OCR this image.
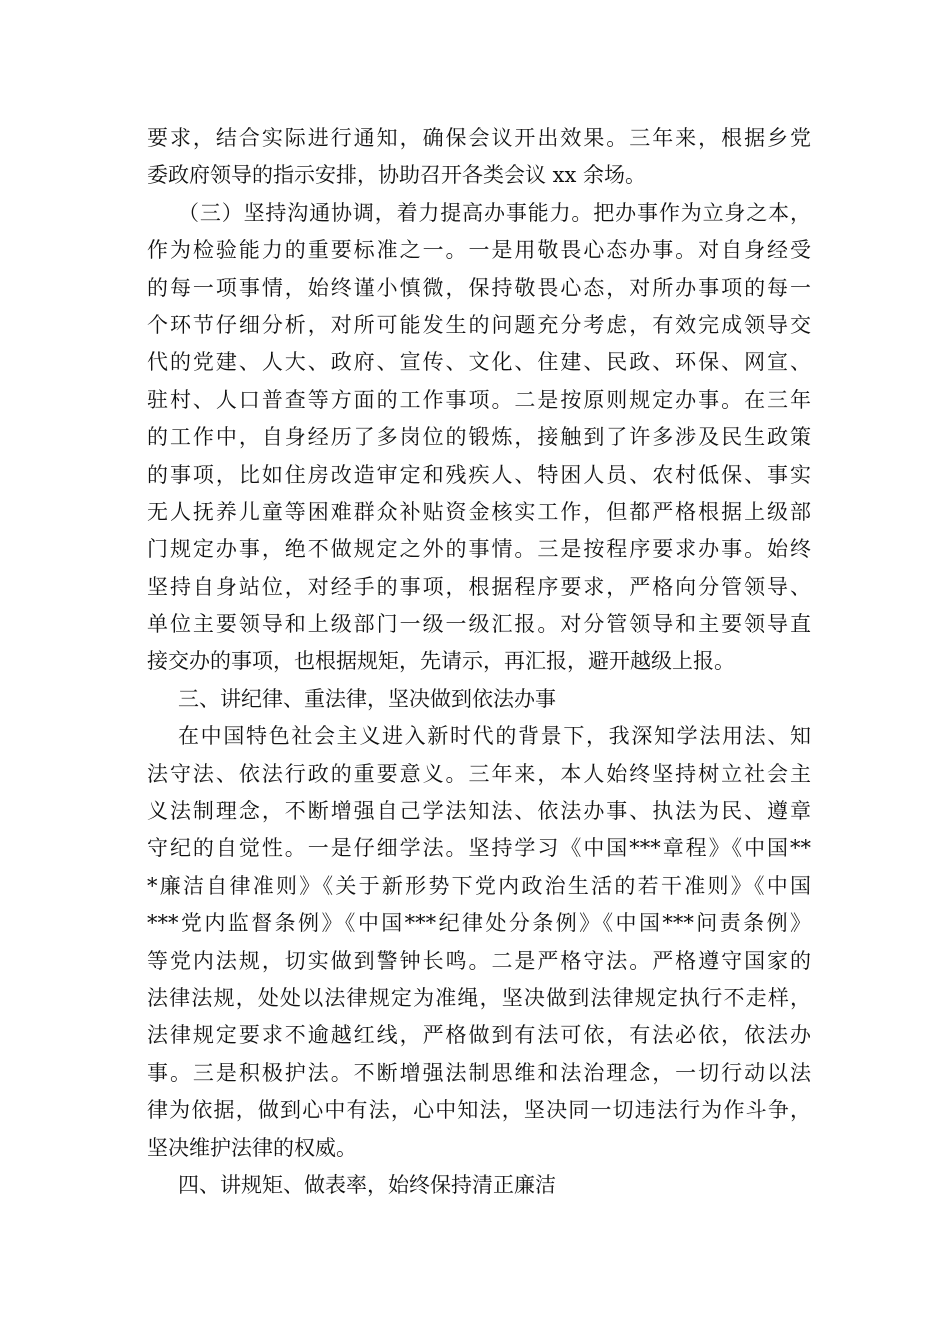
要求，结合实际进行通知，确保会议开出效果。三年来，根据乡党
委政府领导的指示安排，协助召开各类会议 xx 余场。
（三）坚持沟通协调，着力提高办事能力。把办事作为立身之本，
作为检验能力的重要标准之一。一是用敬畏心态办事。对自身经受
的每一项事情，始终谨小慎微，保持敬畏心态，对所办事项的每一
个环节仔细分析，对所可能发生的问题充分考虑，有效完成领导交
代的党建、人大、政府、宣传、文化、住建、民政、环保、网宣、
驻村、人口普查等方面的工作事项。二是按原则规定办事。在三年
的工作中，自身经历了多岗位的锻炼，接触到了许多涉及民生政策
的事项，比如住房改造审定和残疾人、特困人员、农村低保、事实
无人抚养儿童等困难群众补贴资金核实工作，但都严格根据上级部
门规定办事，绝不做规定之外的事情。三是按程序要求办事。始终
坚持自身站位，对经手的事项，根据程序要求，严格向分管领导、
单位主要领导和上级部门一级一级汇报。对分管领导和主要领导直
接交办的事项，也根据规矩，先请示，再汇报，避开越级上报。
三、讲纪律、重法律，坚决做到依法办事
在中国特色社会主义进入新时代的背景下，我深知学法用法、知
法守法、依法行政的重要意义。三年来，本人始终坚持树立社会主
义法制理念，不断增强自己学法知法、依法办事、执法为民、遵章
守纪的自觉性。一是仔细学法。坚持学习《中国***章程》《中国**
*廉洁自律准则》《关于新形势下党内政治生活的若干准则》《中国
***党内监督条例》《中国***纪律处分条例》《中国***问责条例》
等党内法规，切实做到警钟长鸣。二是严格守法。严格遵守国家的
法律法规，处处以法律规定为准绳，坚决做到法律规定执行不走样，
法律规定要求不逾越红线，严格做到有法可依，有法必依，依法办
事。三是积极护法。不断增强法制思维和法治理念，一切行动以法
律为依据，做到心中有法，心中知法，坚决同一切违法行为作斗争，
坚决维护法律的权威。
四、讲规矩、做表率，始终保持清正廉洁
